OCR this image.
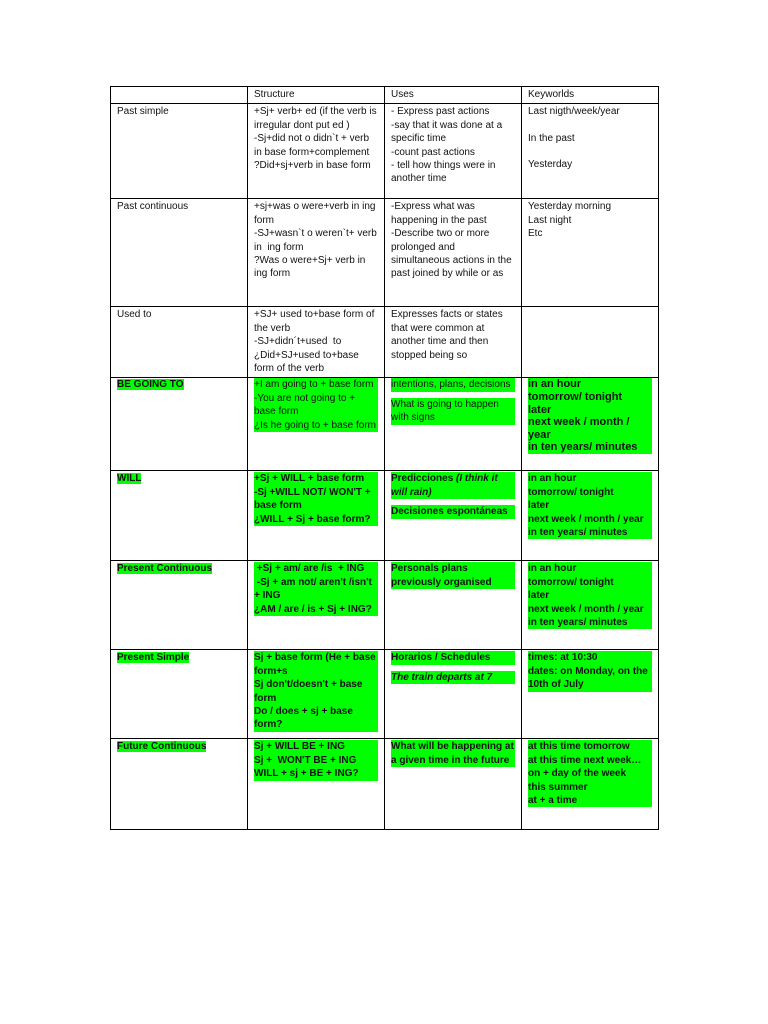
	Structure	Uses	Keyworlds
Past simple	+Sj+ verb+ ed (if the verb is irregular dont put ed )
-Sj+did not o didn`t + verb in base form+complement
?Did+sj+verb in base form	- Express past actions
-say that it was done at a specific time
-count past actions
- tell how things were in another time	Last nigth/week/year
In the past
Yesterday

Past continuous	+sj+was o were+verb in ing form
-SJ+wasn`t o weren`t+ verb in  ing form
?Was o were+Sj+ verb in ing form	-Express what was happening in the past
-Describe two or more prolonged and simultaneous actions in the past joined by while or as	Yesterday morning
Last night
Etc

Used to	+SJ+ used to+base form of the verb
-SJ+didn´t+used  to
¿Did+SJ+used to+base form of the verb	Expresses facts or states that were common at another time and then stopped being so	

BE GOING TO	+I am going to + base form
-You are not going to + base form
¿Is he going to + base form	intentions, plans, decisions
What is going to happen with signs	in an hour
tomorrow/ tonight
later
next week / month / year
in ten years/ minutes

WILL	+Sj + WILL + base form
-Sj +WILL NOT/ WON'T + base form
¿WILL + Sj + base form?	Predicciones (I think it will rain)
Decisiones espontáneas	in an hour
tomorrow/ tonight
later
next week / month / year
in ten years/ minutes

Present Continuous	+Sj + am/ are /is  + ING
-Sj + am not/ aren't /isn't  + ING
¿AM / are / is + Sj + ING?	Personals plans previously organised	in an hour
tomorrow/ tonight
later
next week / month / year
in ten years/ minutes

Present Simple	Sj + base form (He + base form+s
Sj don't/doesn't + base form
Do / does + sj + base form?	Horarios / Schedules
The train departs at 7	times: at 10:30
dates: on Monday, on the 10th of July

Future Continuous	Sj + WILL BE + ING
Sj +  WON'T BE + ING
WILL + sj + BE + ING?	What will be happening at a given time in the future	at this time tomorrow
at this time next week…
on + day of the week
this summer
at + a time
